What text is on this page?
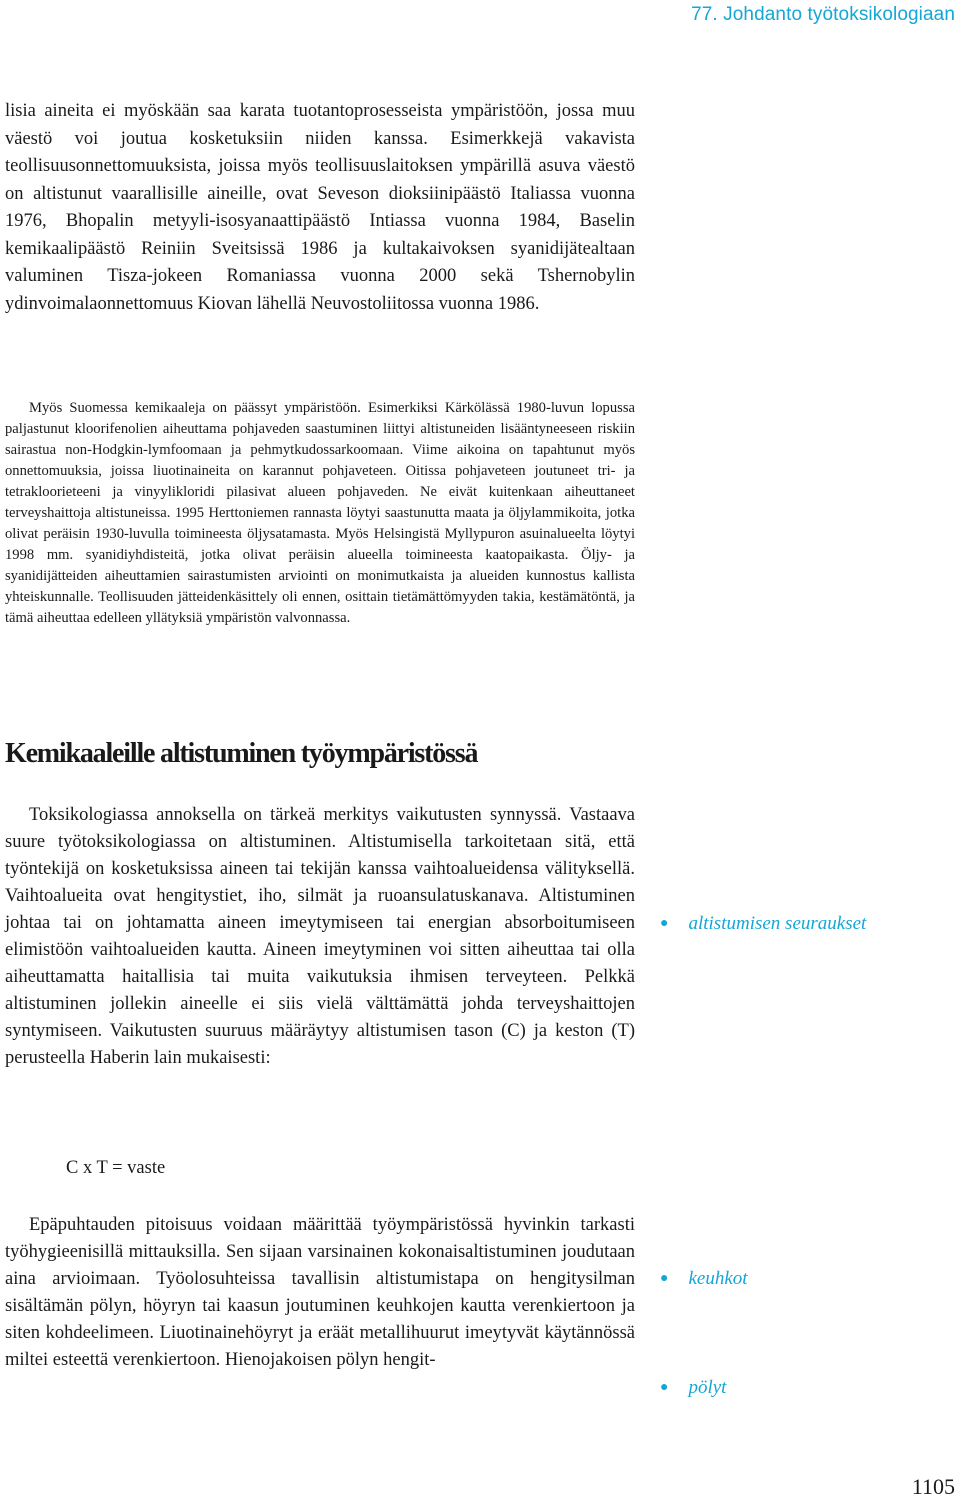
77. Johdanto työtoksikologiaan

lisia aineita ei myöskään saa karata tuotantoprosesseista ympäristöön, jossa muu väestö voi joutua kosketuksiin niiden kanssa. Esimerkkejä vakavista teollisuusonnettomuuksista, joissa myös teollisuuslaitoksen ympärillä asuva väestö on altistunut vaarallisille aineille, ovat Seveson dioksiinipäästö Italiassa vuonna 1976, Bhopalin metyyli-isosyanaattipäästö Intiassa vuonna 1984, Baselin kemikaalipäästö Reiniin Sveitsissä 1986 ja kultakaivoksen syanidijätealtaan valuminen Tisza-jokeen Romaniassa vuonna 2000 sekä Tshernobylin ydinvoimalaonnettomuus Kiovan lähellä Neuvostoliitossa vuonna 1986.

Myös Suomessa kemikaaleja on päässyt ympäristöön. Esimerkiksi Kärkölässä 1980-luvun lopussa paljastunut kloorifenolien aiheuttama pohjaveden saastuminen liittyi altistuneiden lisääntyneeseen riskiin sairastua non-Hodgkin-lymfoomaan ja pehmytkudossarkoomaan. Viime aikoina on tapahtunut myös onnettomuuksia, joissa liuotinaineita on karannut pohjaveteen. Oitissa pohjaveteen joutuneet tri- ja tetrakloorieteeni ja vinyylikloridi pilasivat alueen pohjaveden. Ne eivät kuitenkaan aiheuttaneet terveyshaittoja altistuneissa. 1995 Herttoniemen rannasta löytyi saastunutta maata ja öljylammikoita, jotka olivat peräisin 1930-luvulla toimineesta öljysatamasta. Myös Helsingistä Myllypuron asuinalueelta löytyi 1998 mm. syanidiyhdisteitä, jotka olivat peräisin alueella toimineesta kaatopaikasta. Öljy- ja syanidijätteiden aiheuttamien sairastumisten arviointi on monimutkaista ja alueiden kunnostus kallista yhteiskunnalle. Teollisuuden jätteidenkäsittely oli ennen, osittain tietämättömyyden takia, kestämätöntä, ja tämä aiheuttaa edelleen yllätyksiä ympäristön valvonnassa.

Kemikaaleille altistuminen työympäristössä

Toksikologiassa annoksella on tärkeä merkitys vaikutusten synnyssä. Vastaava suure työtoksikologiassa on altistuminen. Altistumisella tarkoitetaan sitä, että työntekijä on kosketuksissa aineen tai tekijän kanssa vaihtoalueidensa välityksellä. Vaihtoalueita ovat hengitystiet, iho, silmät ja ruoansulatuskanava. Altistuminen johtaa tai on johtamatta aineen imeytymiseen tai energian absorboitumiseen elimistöön vaihtoalueiden kautta. Aineen imeytyminen voi sitten aiheuttaa tai olla aiheuttamatta haitallisia tai muita vaikutuksia ihmisen terveyteen. Pelkkä altistuminen jollekin aineelle ei siis vielä välttämättä johda terveyshaittojen syntymiseen. Vaikutusten suuruus määräytyy altistumisen tason (C) ja keston (T) perusteella Haberin lain mukaisesti:

C x T = vaste

Epäpuhtauden pitoisuus voidaan määrittää työympäristössä hyvinkin tarkasti työhygieenisillä mittauksilla. Sen sijaan varsinainen kokonaisaltistuminen joudutaan aina arvioimaan. Työolosuhteissa tavallisin altistumistapa on hengitysilman sisältämän pölyn, höyryn tai kaasun joutuminen keuhkojen kautta verenkiertoon ja siten kohdeelimeen. Liuotinainehöyryt ja eräät metallihuurut imeytyvät käytännössä miltei esteettä verenkiertoon. Hienojakoisen pölyn hengit-

● altistumisen seuraukset
● keuhkot
● pölyt
1105
